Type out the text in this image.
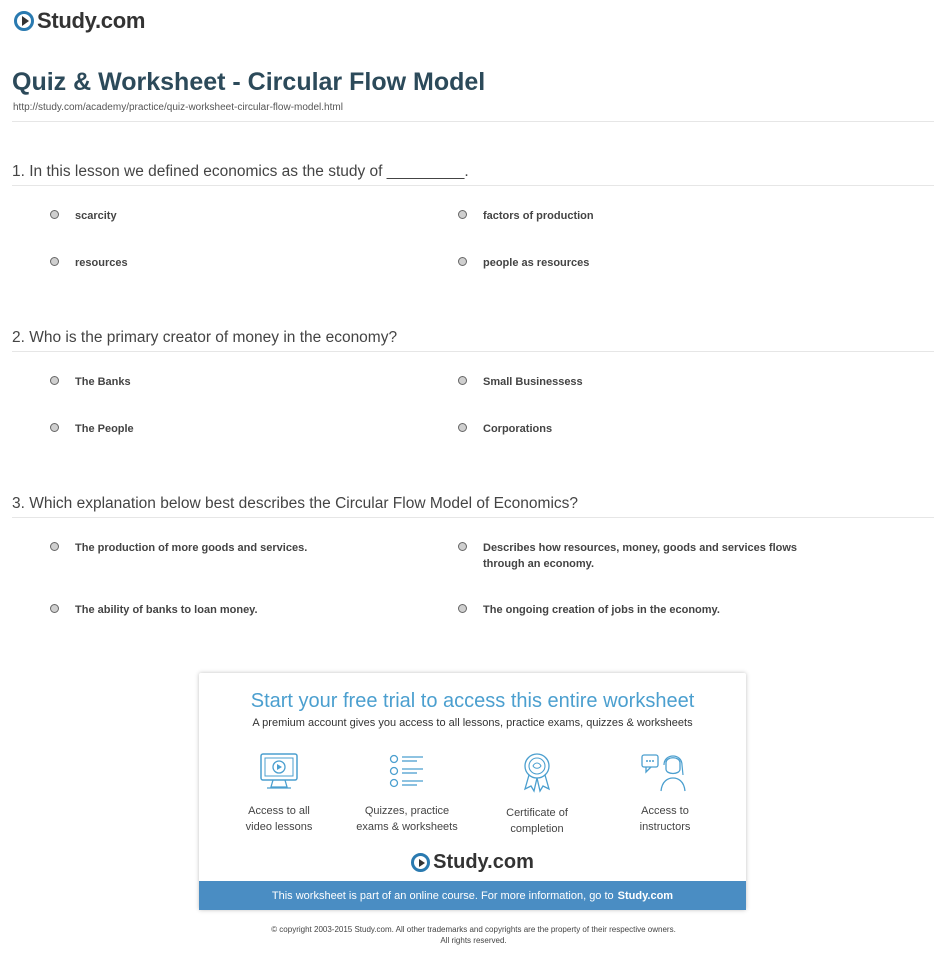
Study.com
Quiz & Worksheet - Circular Flow Model
http://study.com/academy/practice/quiz-worksheet-circular-flow-model.html
1. In this lesson we defined economics as the study of _________.
scarcity	factors of production
resources	people as resources
2. Who is the primary creator of money in the economy?
The Banks	Small Businessess
The People	Corporations
3. Which explanation below best describes the Circular Flow Model of Economics?
The production of more goods and services.	Describes how resources, money, goods and services flows through an economy.
The ability of banks to loan money.	The ongoing creation of jobs in the economy.
Start your free trial to access this entire worksheet
A premium account gives you access to all lessons, practice exams, quizzes & worksheets
Access to all
video lessons
Quizzes, practice
exams & worksheets
Certificate of
completion
Access to
instructors
Study.com
This worksheet is part of an online course. For more information, go to Study.com
© copyright 2003-2015 Study.com. All other trademarks and copyrights are the property of their respective owners.
All rights reserved.
